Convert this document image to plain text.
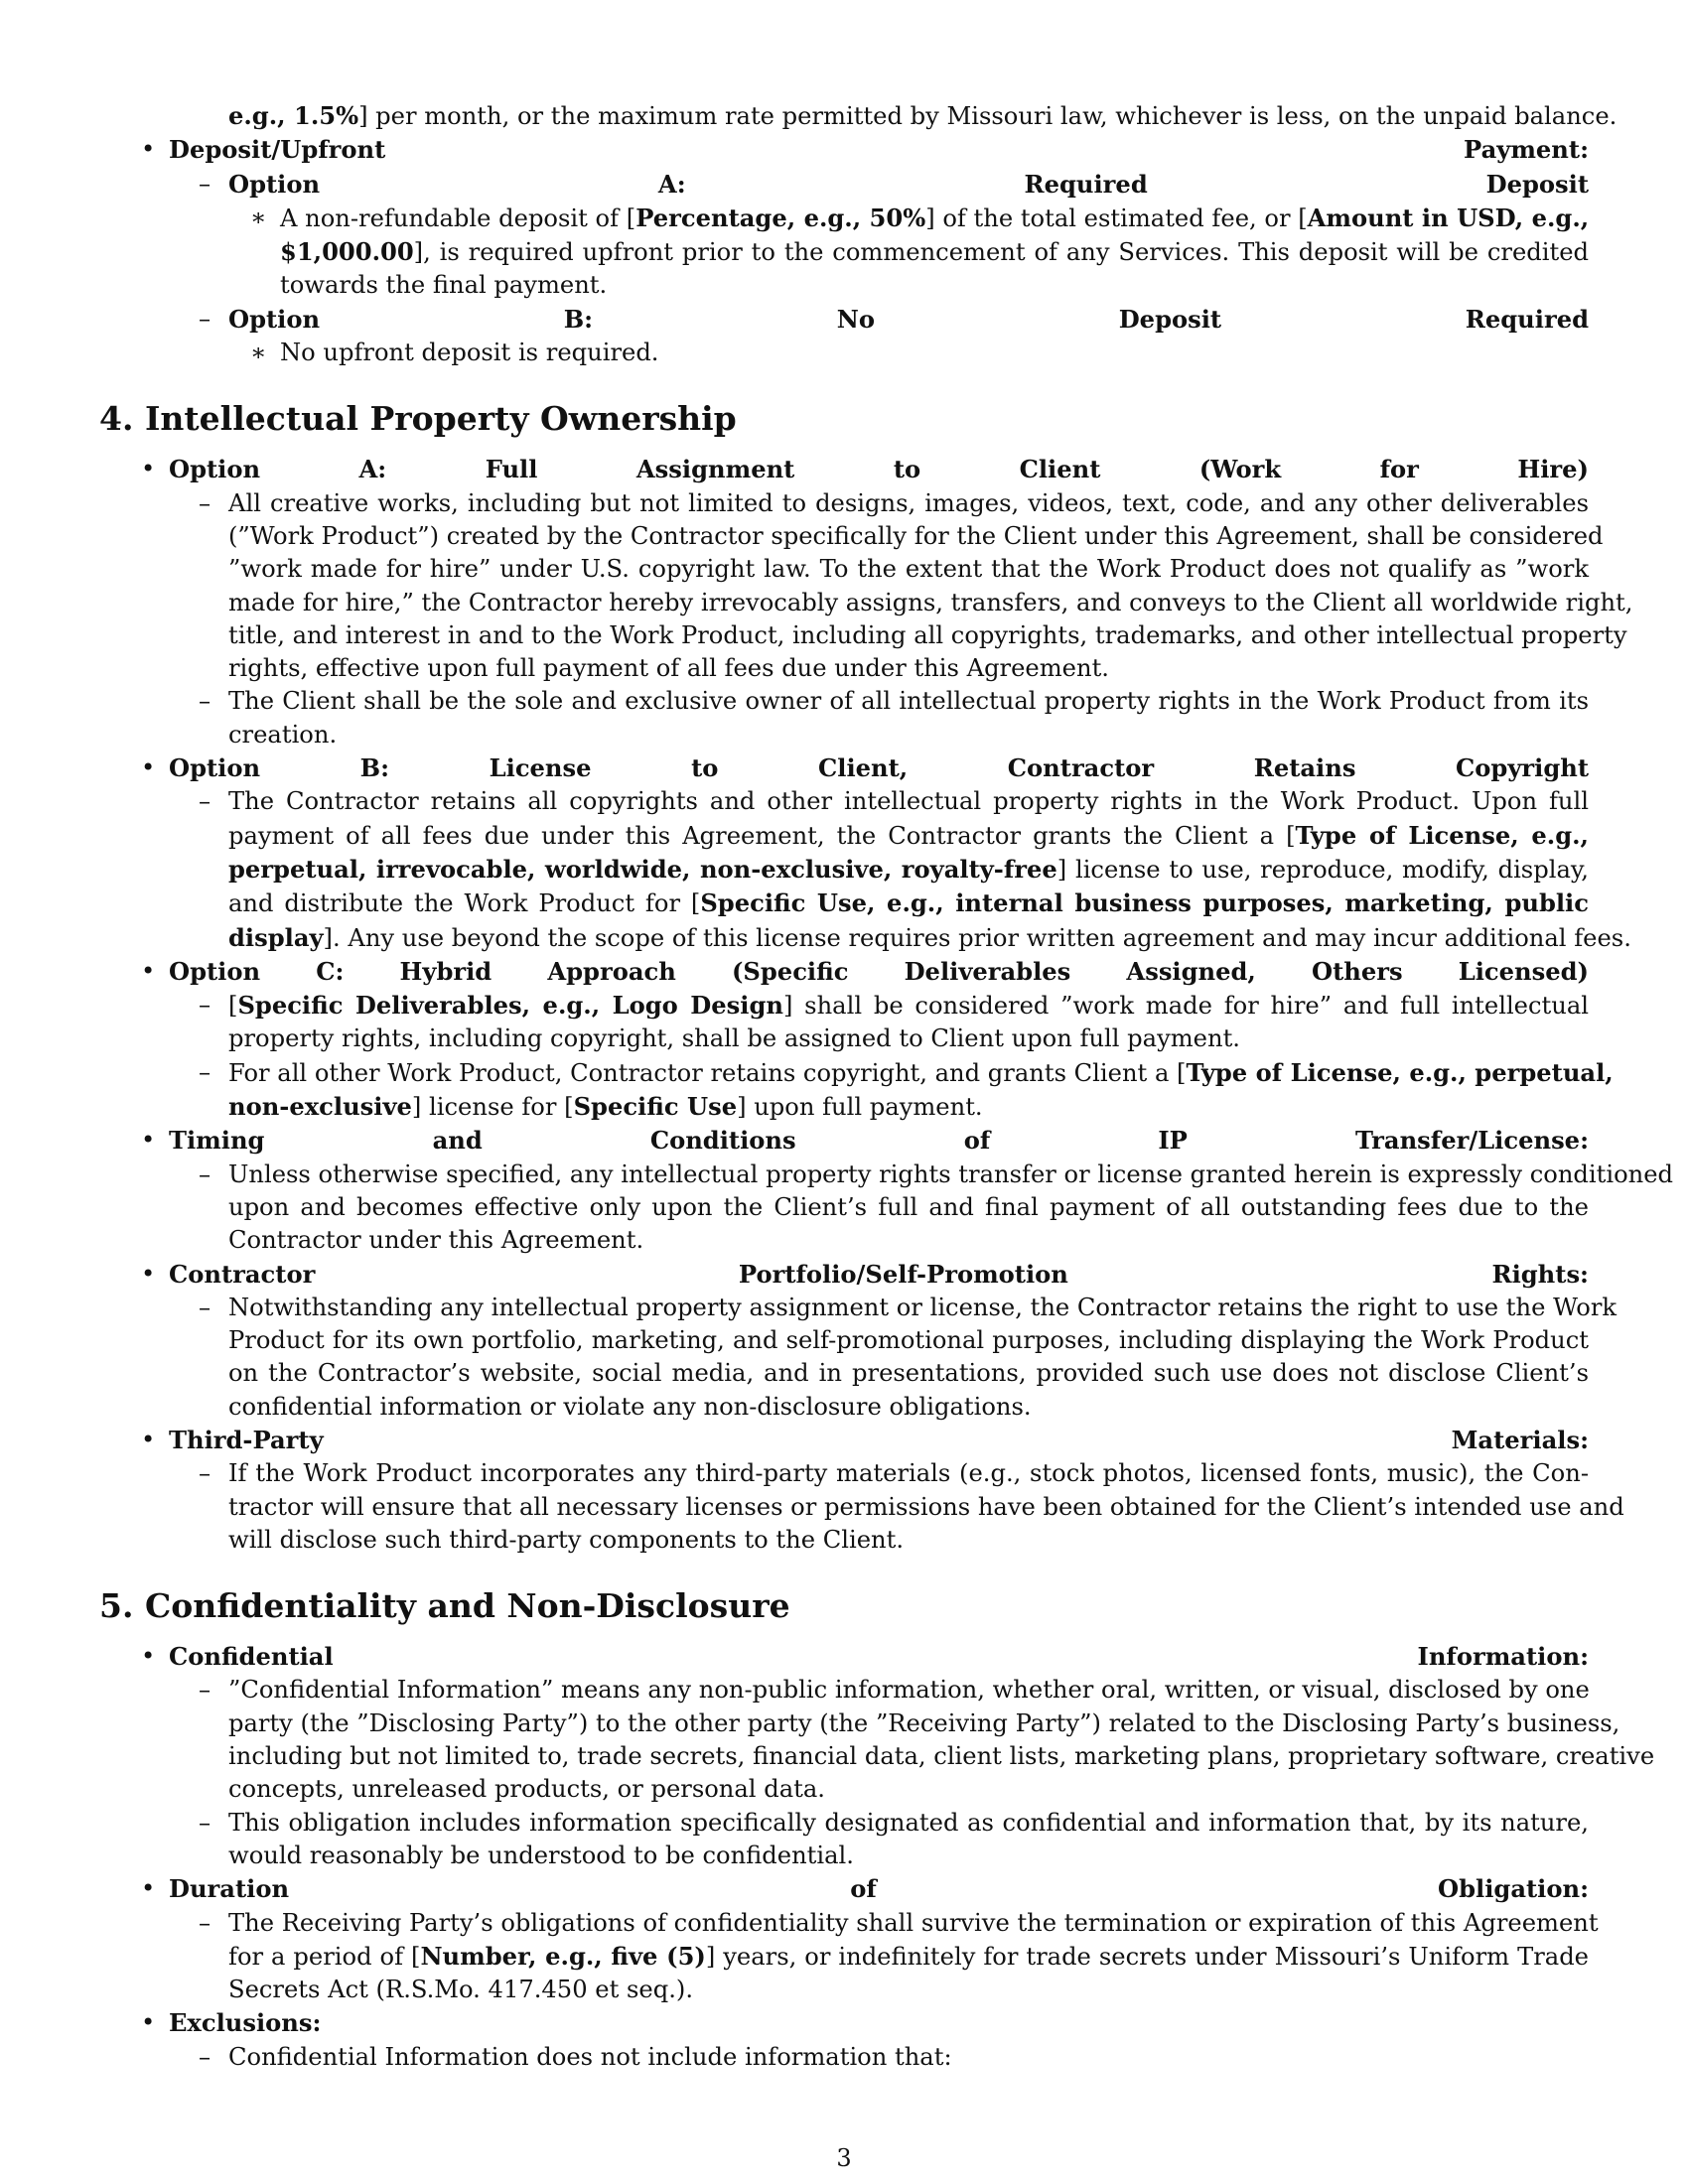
e.g., 1.5%] per month, or the maximum rate permitted by Missouri law, whichever is less, on the unpaid balance.
• Deposit/Upfront Payment:
– Option A: Required Deposit
∗ A non-refundable deposit of [Percentage, e.g., 50%] of the total estimated fee, or [Amount in USD, e.g.,
$1,000.00], is required upfront prior to the commencement of any Services. This deposit will be credited
towards the final payment.
– Option B: No Deposit Required
∗ No upfront deposit is required.
4. Intellectual Property Ownership
• Option A: Full Assignment to Client (Work for Hire)
– All creative works, including but not limited to designs, images, videos, text, code, and any other deliverables
(”Work Product”) created by the Contractor specifically for the Client under this Agreement, shall be considered
”work made for hire” under U.S. copyright law. To the extent that the Work Product does not qualify as ”work
made for hire,” the Contractor hereby irrevocably assigns, transfers, and conveys to the Client all worldwide right,
title, and interest in and to the Work Product, including all copyrights, trademarks, and other intellectual property
rights, effective upon full payment of all fees due under this Agreement.
– The Client shall be the sole and exclusive owner of all intellectual property rights in the Work Product from its
creation.
• Option B: License to Client, Contractor Retains Copyright
– The Contractor retains all copyrights and other intellectual property rights in the Work Product. Upon full
payment of all fees due under this Agreement, the Contractor grants the Client a [Type of License, e.g.,
perpetual, irrevocable, worldwide, non-exclusive, royalty-free] license to use, reproduce, modify, display,
and distribute the Work Product for [Specific Use, e.g., internal business purposes, marketing, public
display]. Any use beyond the scope of this license requires prior written agreement and may incur additional fees.
• Option C: Hybrid Approach (Specific Deliverables Assigned, Others Licensed)
– [Specific Deliverables, e.g., Logo Design] shall be considered ”work made for hire” and full intellectual
property rights, including copyright, shall be assigned to Client upon full payment.
– For all other Work Product, Contractor retains copyright, and grants Client a [Type of License, e.g., perpetual,
non-exclusive] license for [Specific Use] upon full payment.
• Timing and Conditions of IP Transfer/License:
– Unless otherwise specified, any intellectual property rights transfer or license granted herein is expressly conditioned
upon and becomes effective only upon the Client’s full and final payment of all outstanding fees due to the
Contractor under this Agreement.
• Contractor Portfolio/Self-Promotion Rights:
– Notwithstanding any intellectual property assignment or license, the Contractor retains the right to use the Work
Product for its own portfolio, marketing, and self-promotional purposes, including displaying the Work Product
on the Contractor’s website, social media, and in presentations, provided such use does not disclose Client’s
confidential information or violate any non-disclosure obligations.
• Third-Party Materials:
– If the Work Product incorporates any third-party materials (e.g., stock photos, licensed fonts, music), the Con-
tractor will ensure that all necessary licenses or permissions have been obtained for the Client’s intended use and
will disclose such third-party components to the Client.
5. Confidentiality and Non-Disclosure
• Confidential Information:
– ”Confidential Information” means any non-public information, whether oral, written, or visual, disclosed by one
party (the ”Disclosing Party”) to the other party (the ”Receiving Party”) related to the Disclosing Party’s business,
including but not limited to, trade secrets, financial data, client lists, marketing plans, proprietary software, creative
concepts, unreleased products, or personal data.
– This obligation includes information specifically designated as confidential and information that, by its nature,
would reasonably be understood to be confidential.
• Duration of Obligation:
– The Receiving Party’s obligations of confidentiality shall survive the termination or expiration of this Agreement
for a period of [Number, e.g., five (5)] years, or indefinitely for trade secrets under Missouri’s Uniform Trade
Secrets Act (R.S.Mo. 417.450 et seq.).
• Exclusions:
– Confidential Information does not include information that:
3
